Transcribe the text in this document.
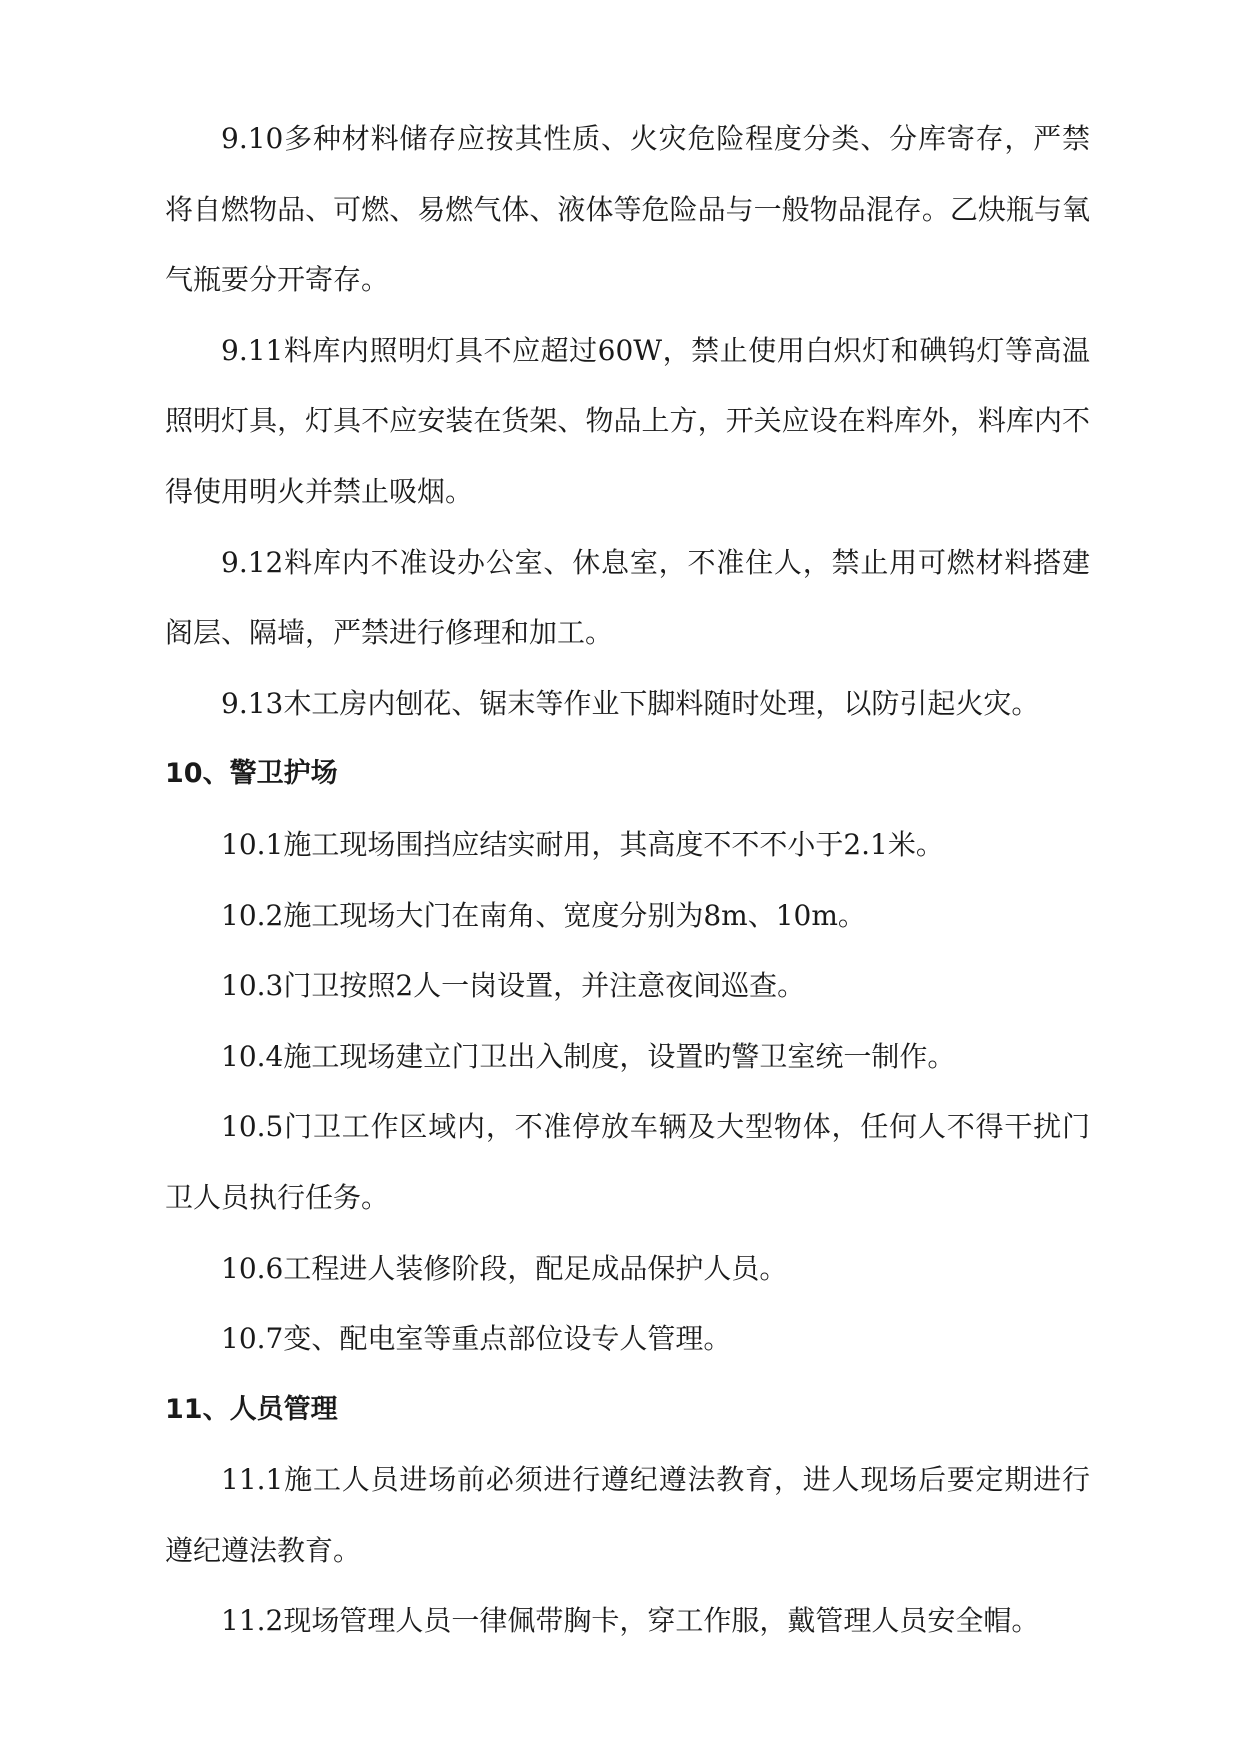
9.10多种材料储存应按其性质、火灾危险程度分类、分库寄存，严禁将自燃物品、可燃、易燃气体、液体等危险品与一般物品混存。乙炔瓶与氧气瓶要分开寄存。

9.11料库内照明灯具不应超过60W，禁止使用白炽灯和碘钨灯等高温照明灯具，灯具不应安装在货架、物品上方，开关应设在料库外，料库内不得使用明火并禁止吸烟。

9.12料库内不准设办公室、休息室，不准住人，禁止用可燃材料搭建阁层、隔墙，严禁进行修理和加工。

9.13木工房内刨花、锯末等作业下脚料随时处理，以防引起火灾。

10、警卫护场

10.1施工现场围挡应结实耐用，其高度不不不小于2.1米。

10.2施工现场大门在南角、宽度分别为8m、10m。

10.3门卫按照2人一岗设置，并注意夜间巡查。

10.4施工现场建立门卫出入制度，设置旳警卫室统一制作。

10.5门卫工作区域内，不准停放车辆及大型物体，任何人不得干扰门卫人员执行任务。

10.6工程进人装修阶段，配足成品保护人员。

10.7变、配电室等重点部位设专人管理。

11、人员管理

11.1施工人员进场前必须进行遵纪遵法教育，进人现场后要定期进行遵纪遵法教育。

11.2现场管理人员一律佩带胸卡，穿工作服，戴管理人员安全帽。
